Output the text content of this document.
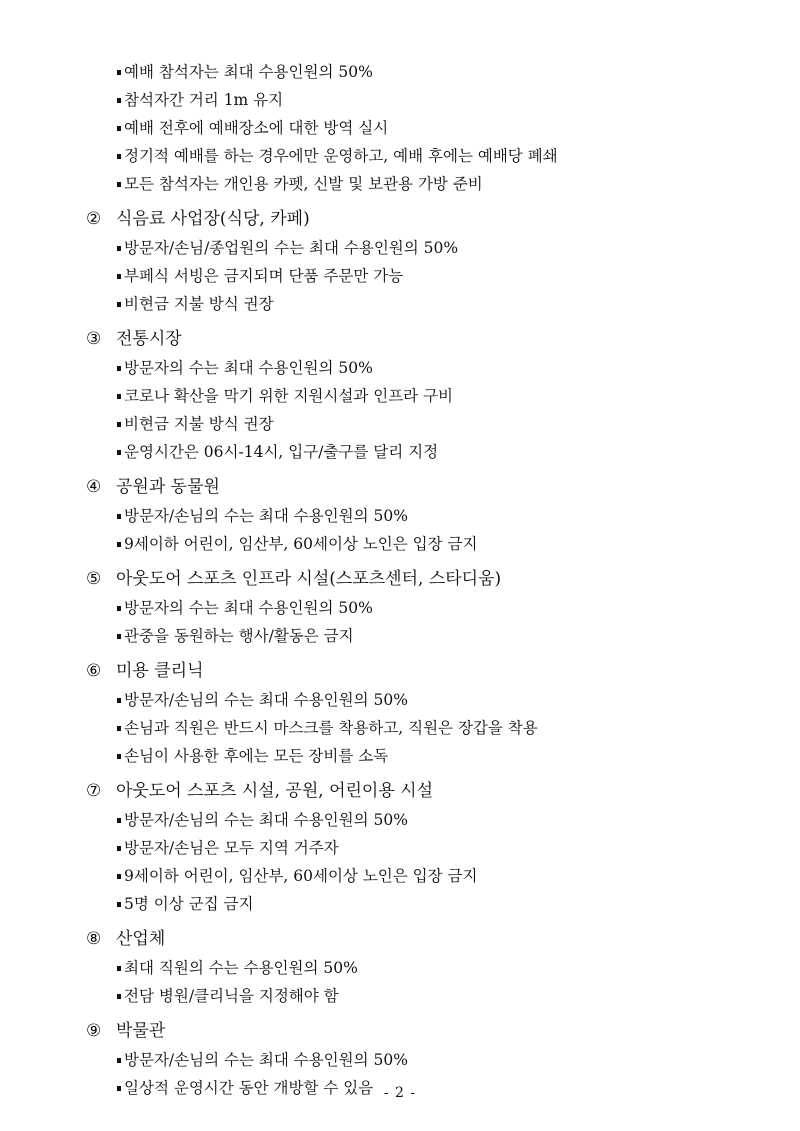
예배 참석자는 최대 수용인원의 50%
참석자간 거리 1m 유지
예배 전후에 예배장소에 대한 방역 실시
정기적 예배를 하는 경우에만 운영하고, 예배 후에는 예배당 폐쇄
모든 참석자는 개인용 카펫, 신발 및 보관용 가방 준비
② 식음료 사업장(식당, 카페)
방문자/손님/종업원의 수는 최대 수용인원의 50%
부페식 서빙은 금지되며 단품 주문만 가능
비현금 지불 방식 권장
③ 전통시장
방문자의 수는 최대 수용인원의 50%
코로나 확산을 막기 위한 지원시설과 인프라 구비
비현금 지불 방식 권장
운영시간은 06시-14시, 입구/출구를 달리 지정
④ 공원과 동물원
방문자/손님의 수는 최대 수용인원의 50%
9세이하 어린이, 임산부, 60세이상 노인은 입장 금지
⑤ 아웃도어 스포츠 인프라 시설(스포츠센터, 스타디움)
방문자의 수는 최대 수용인원의 50%
관중을 동원하는 행사/활동은 금지
⑥ 미용 클리닉
방문자/손님의 수는 최대 수용인원의 50%
손님과 직원은 반드시 마스크를 착용하고, 직원은 장갑을 착용
손님이 사용한 후에는 모든 장비를 소독
⑦ 아웃도어 스포츠 시설, 공원, 어린이용 시설
방문자/손님의 수는 최대 수용인원의 50%
방문자/손님은 모두 지역 거주자
9세이하 어린이, 임산부, 60세이상 노인은 입장 금지
5명 이상 군집 금지
⑧ 산업체
최대 직원의 수는 수용인원의 50%
전담 병원/클리닉을 지정해야 함
⑨ 박물관
방문자/손님의 수는 최대 수용인원의 50%
일상적 운영시간 동안 개방할 수 있음 - 2 -
